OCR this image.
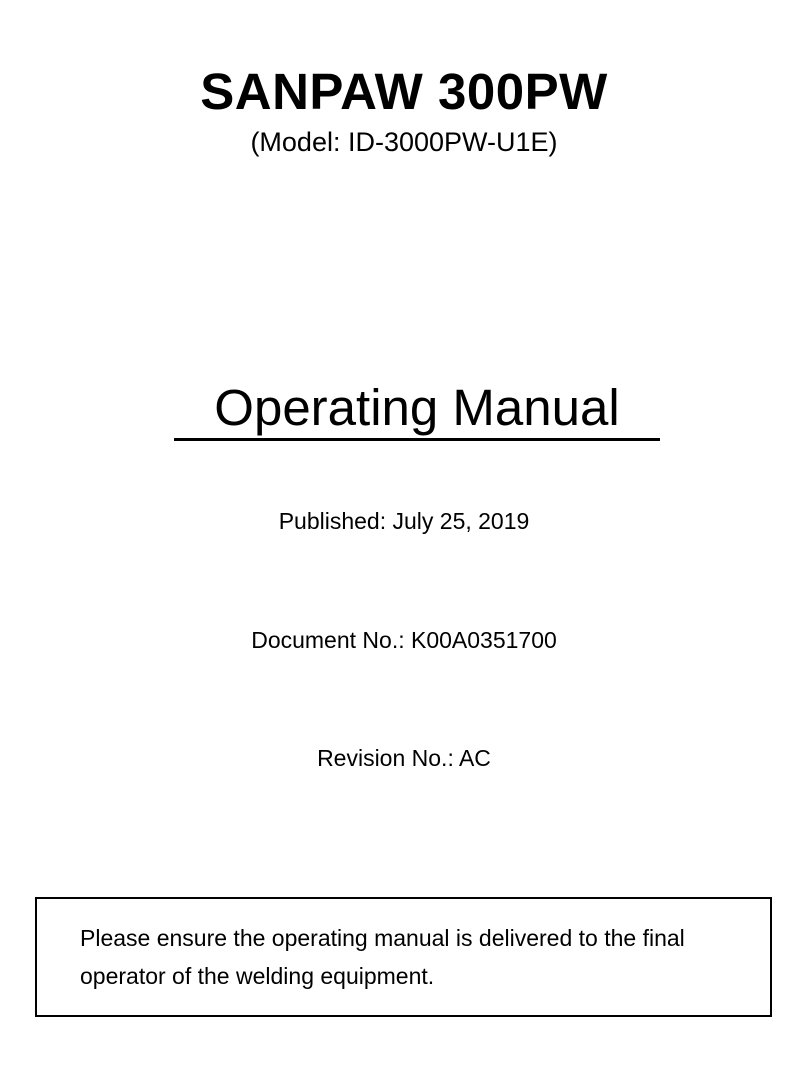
SANPAW 300PW
(Model: ID-3000PW-U1E)
Operating Manual
Published: July 25, 2019
Document No.: K00A0351700
Revision No.: AC
Please ensure the operating manual is delivered to the final operator of the welding equipment.
